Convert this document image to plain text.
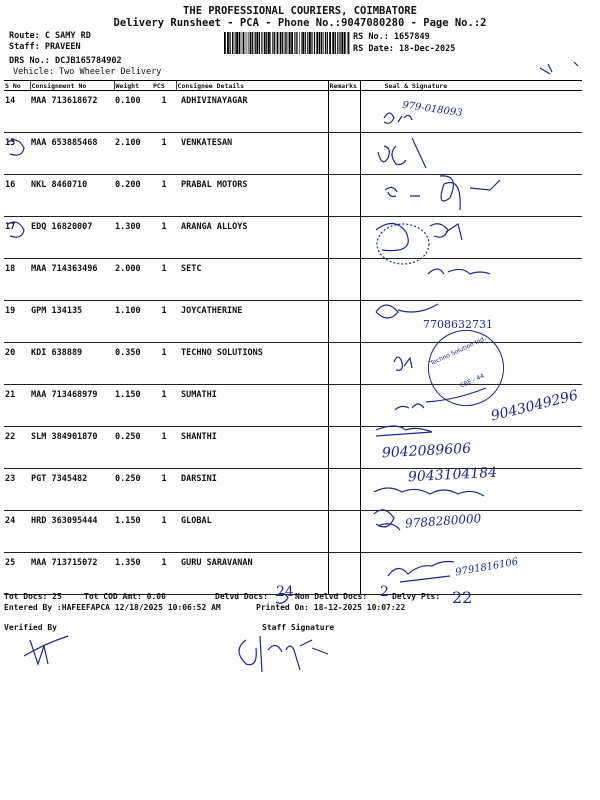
THE PROFESSIONAL COURIERS, COIMBATORE
Delivery Runsheet - PCA - Phone No.:9047080280 - Page No.:2
Route: C SAMY RD
Staff: PRAVEEN
DRS No.: DCJB165784902
Vehicle: Two Wheeler Delivery
RS No.: 1657849
RS Date: 18-Dec-2025
S No	Consignment No	Weight	PCS	Consignee Details	Remarks	Seal & Signature
14	MAA 713618672	0.100	1	ADHIVINAYAGAR		
15	MAA 653885468	2.100	1	VENKATESAN		
16	NKL 8460710	0.200	1	PRABAL MOTORS		
17	EDQ 16820007	1.300	1	ARANGA ALLOYS		
18	MAA 714363496	2.000	1	SETC		
19	GPM 134135	1.100	1	JOYCATHERINE		
20	KDI 638889	0.350	1	TECHNO SOLUTIONS		
21	MAA 713468979	1.150	1	SUMATHI		
22	SLM 384901870	0.250	1	SHANTHI		
23	PGT 7345482	0.250	1	DARSINI		
24	HRD 363095444	1.150	1	GLOBAL		
25	MAA 713715072	1.350	1	GURU SARAVANAN		
979-018093
7708632731
9043049296
9042089606
9043104184
9788280000
9791816106
Techno Solution Ind.
CBE - 44
Tot Docs: 25	Tot COD Amt: 0.00	Delvd Docs: 24 Non Delvd Docs: 2 Delvy Pts: 22
Entered By :HAFEEFAPCA 12/18/2025 10:06:52 AM	Printed On: 18-12-2025 10:07:22
Verified By	Staff Signature
